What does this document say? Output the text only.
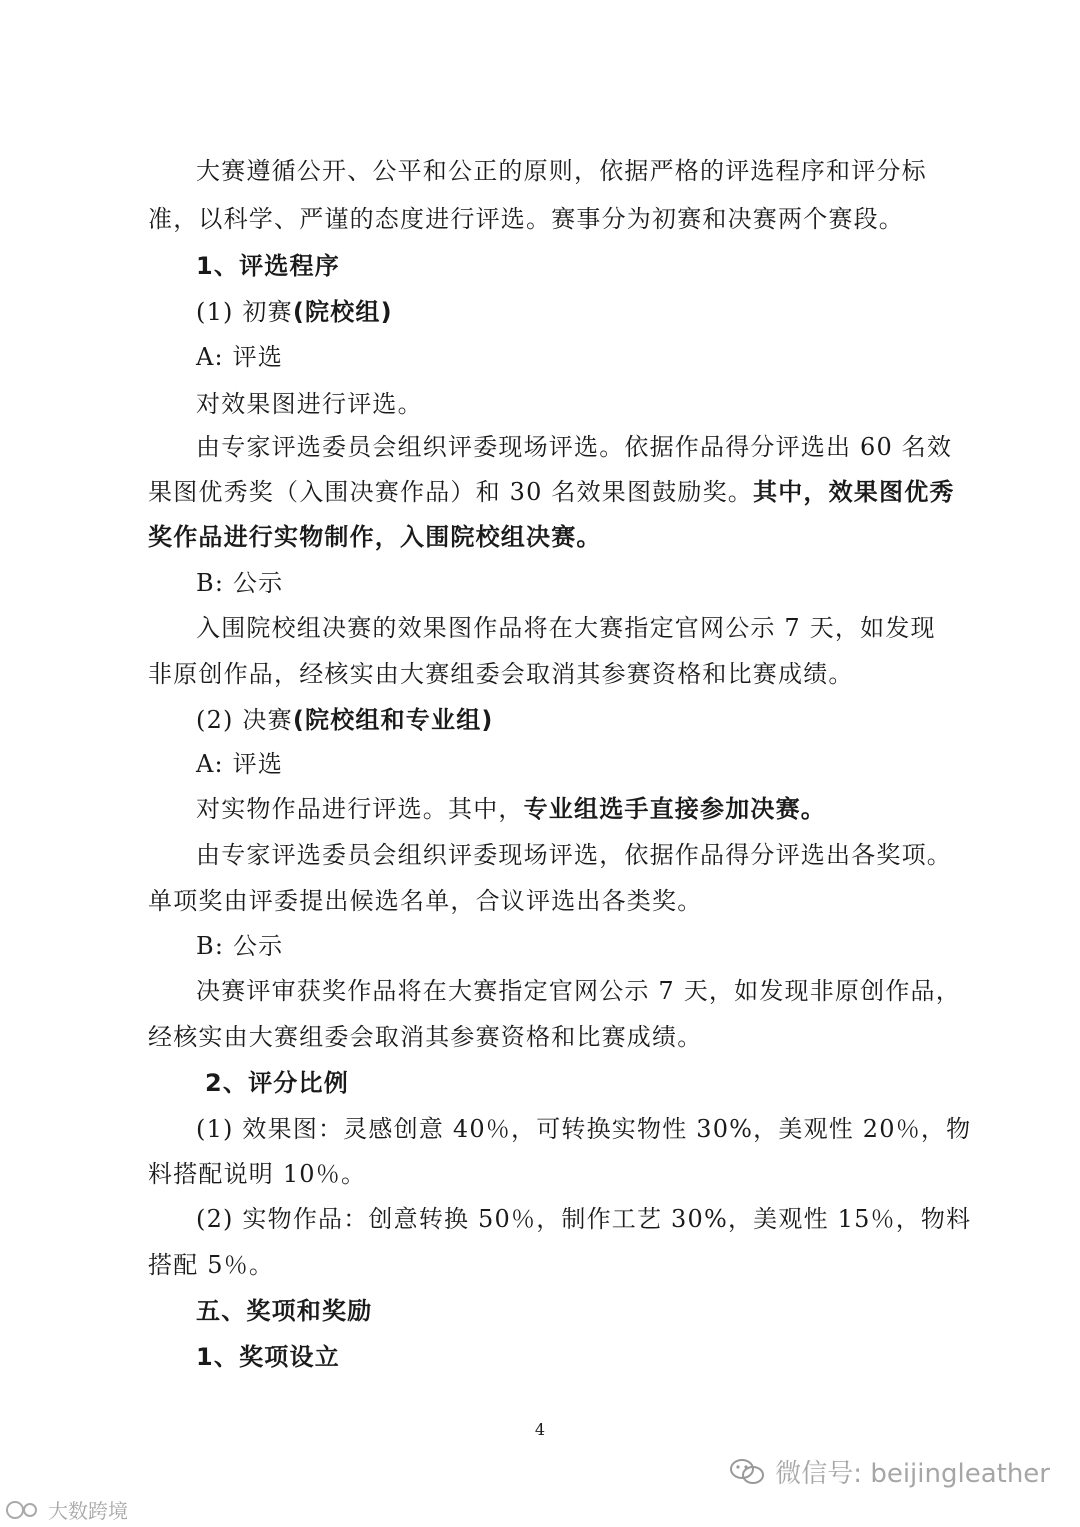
大赛遵循公开、公平和公正的原则，依据严格的评选程序和评分标
准，以科学、严谨的态度进行评选。赛事分为初赛和决赛两个赛段。
1、评选程序
(1) 初赛(院校组)
A: 评选
对效果图进行评选。
由专家评选委员会组织评委现场评选。依据作品得分评选出 60 名效
果图优秀奖（入围决赛作品）和 30 名效果图鼓励奖。其中，效果图优秀
奖作品进行实物制作，入围院校组决赛。
B: 公示
入围院校组决赛的效果图作品将在大赛指定官网公示 7 天，如发现
非原创作品，经核实由大赛组委会取消其参赛资格和比赛成绩。
(2) 决赛(院校组和专业组)
A: 评选
对实物作品进行评选。其中，专业组选手直接参加决赛。
由专家评选委员会组织评委现场评选，依据作品得分评选出各奖项。
单项奖由评委提出候选名单，合议评选出各类奖。
B: 公示
决赛评审获奖作品将在大赛指定官网公示 7 天，如发现非原创作品，
经核实由大赛组委会取消其参赛资格和比赛成绩。
2、评分比例
(1) 效果图：灵感创意 40％，可转换实物性 30%，美观性 20％，物
料搭配说明 10％。
(2) 实物作品：创意转换 50％，制作工艺 30%，美观性 15％，物料
搭配 5％。
五、奖项和奖励
1、奖项设立
4
微信号: beijingleather
大数跨境
